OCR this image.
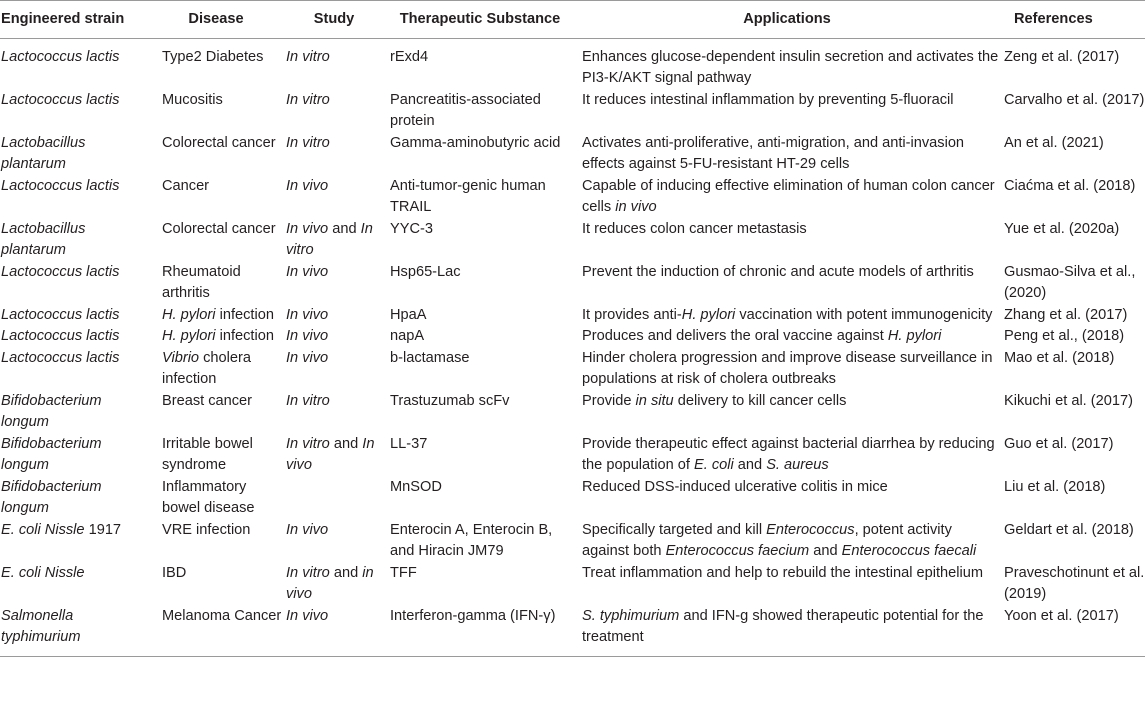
Engineered strain	Disease	Study	Therapeutic Substance	Applications	References
Lactococcus lactis	Type2 Diabetes	In vitro	rExd4	Enhances glucose-dependent insulin secretion and activates the PI3-K/AKT signal pathway	Zeng et al. (2017)
Lactococcus lactis	Mucositis	In vitro	Pancreatitis-associated protein	It reduces intestinal inflammation by preventing 5-fluoracil	Carvalho et al. (2017)
Lactobacillus plantarum	Colorectal cancer	In vitro	Gamma-aminobutyric acid	Activates anti-proliferative, anti-migration, and anti-invasion effects against 5-FU-resistant HT-29 cells	An et al. (2021)
Lactococcus lactis	Cancer	In vivo	Anti-tumor-genic human TRAIL	Capable of inducing effective elimination of human colon cancer cells in vivo	Ciaćma et al. (2018)
Lactobacillus plantarum	Colorectal cancer	In vivo and In vitro	YYC-3	It reduces colon cancer metastasis	Yue et al. (2020a)
Lactococcus lactis	Rheumatoid arthritis	In vivo	Hsp65-Lac	Prevent the induction of chronic and acute models of arthritis	Gusmao-Silva et al., (2020)
Lactococcus lactis	H. pylori infection	In vivo	HpaA	It provides anti-H. pylori vaccination with potent immunogenicity	Zhang et al. (2017)
Lactococcus lactis	H. pylori infection	In vivo	napA	Produces and delivers the oral vaccine against H. pylori	Peng et al., (2018)
Lactococcus lactis	Vibrio cholera infection	In vivo	b-lactamase	Hinder cholera progression and improve disease surveillance in populations at risk of cholera outbreaks	Mao et al. (2018)
Bifidobacterium longum	Breast cancer	In vitro	Trastuzumab scFv	Provide in situ delivery to kill cancer cells	Kikuchi et al. (2017)
Bifidobacterium longum	Irritable bowel syndrome	In vitro and In vivo	LL-37	Provide therapeutic effect against bacterial diarrhea by reducing the population of E. coli and S. aureus	Guo et al. (2017)
Bifidobacterium longum	Inflammatory bowel disease		MnSOD	Reduced DSS-induced ulcerative colitis in mice	Liu et al. (2018)
E. coli Nissle 1917	VRE infection	In vivo	Enterocin A, Enterocin B, and Hiracin JM79	Specifically targeted and kill Enterococcus, potent activity against both Enterococcus faecium and Enterococcus faecali	Geldart et al. (2018)
E. coli Nissle	IBD	In vitro and in vivo	TFF	Treat inflammation and help to rebuild the intestinal epithelium	Praveschotinunt et al. (2019)
Salmonella typhimurium	Melanoma Cancer	In vivo	Interferon-gamma (IFN-γ)	S. typhimurium and IFN-g showed therapeutic potential for the treatment	Yoon et al. (2017)
